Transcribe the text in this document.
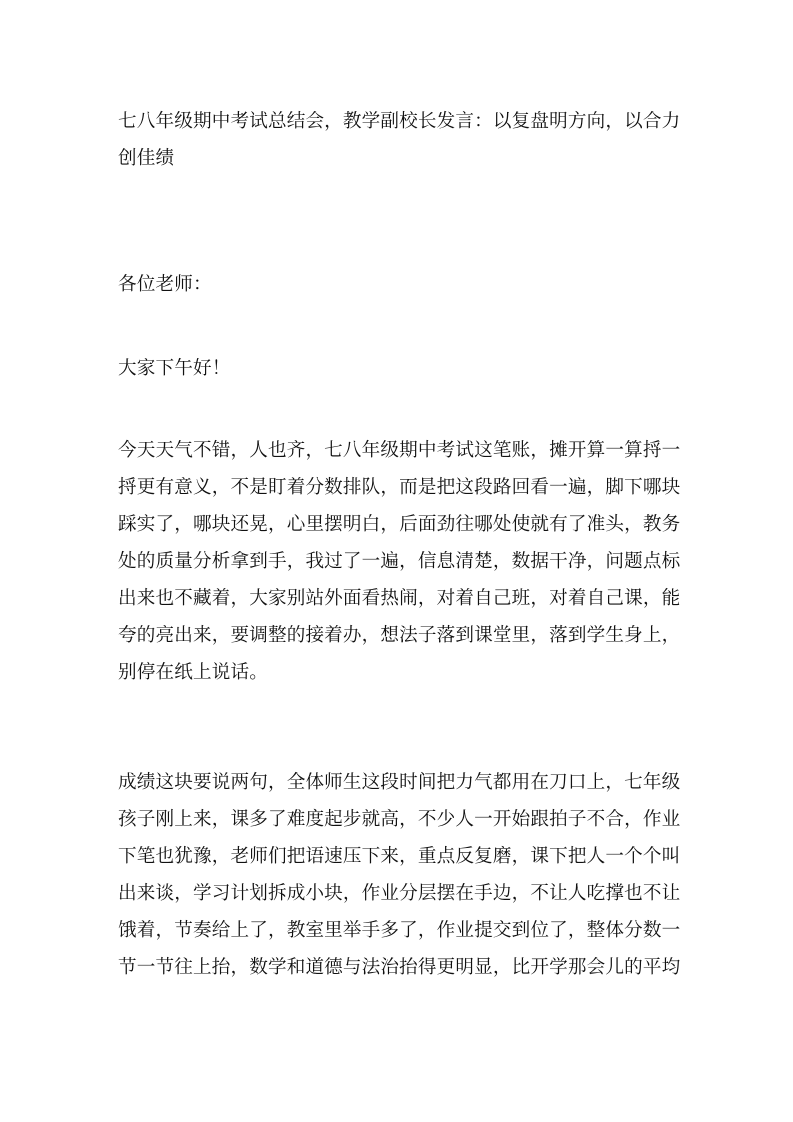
七八年级期中考试总结会，教学副校长发言：以复盘明方向，以合力
创佳绩
各位老师：
大家下午好！
今天天气不错，人也齐，七八年级期中考试这笔账，摊开算一算捋一
捋更有意义，不是盯着分数排队，而是把这段路回看一遍，脚下哪块
踩实了，哪块还晃，心里摆明白，后面劲往哪处使就有了准头，教务
处的质量分析拿到手，我过了一遍，信息清楚，数据干净，问题点标
出来也不藏着，大家别站外面看热闹，对着自己班，对着自己课，能
夸的亮出来，要调整的接着办，想法子落到课堂里，落到学生身上，
别停在纸上说话。
成绩这块要说两句，全体师生这段时间把力气都用在刀口上，七年级
孩子刚上来，课多了难度起步就高，不少人一开始跟拍子不合，作业
下笔也犹豫，老师们把语速压下来，重点反复磨，课下把人一个个叫
出来谈，学习计划拆成小块，作业分层摆在手边，不让人吃撑也不让
饿着，节奏给上了，教室里举手多了，作业提交到位了，整体分数一
节一节往上抬，数学和道德与法治抬得更明显，比开学那会儿的平均
